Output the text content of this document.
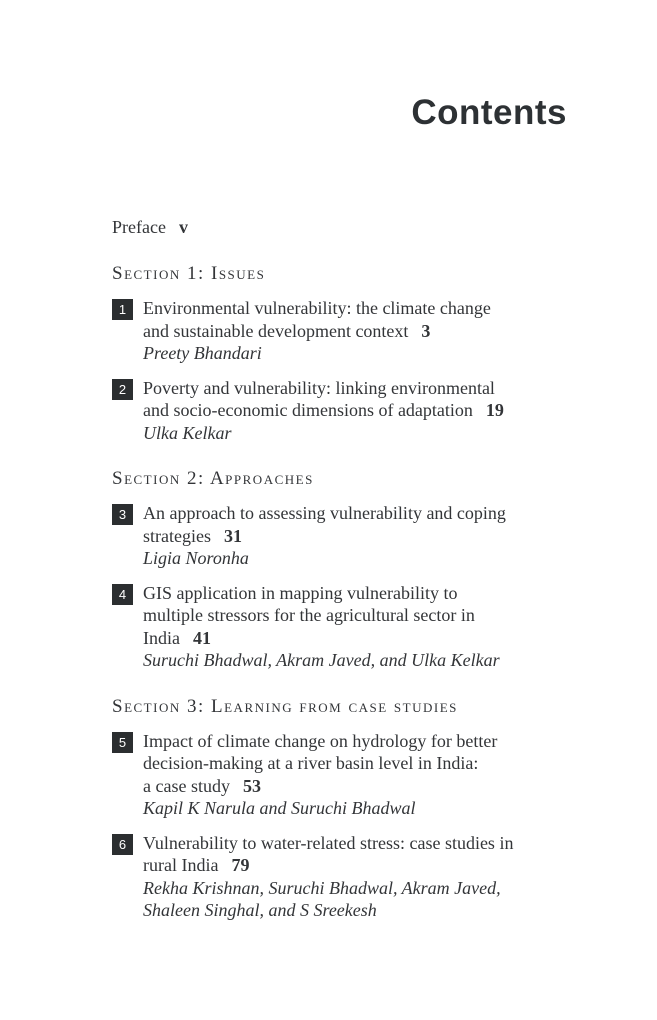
Contents
Preface v
Section 1: Issues
1 Environmental vulnerability: the climate change
and sustainable development context 3
Preety Bhandari
2 Poverty and vulnerability: linking environmental
and socio-economic dimensions of adaptation 19
Ulka Kelkar
Section 2: Approaches
3 An approach to assessing vulnerability and coping
strategies 31
Ligia Noronha
4 GIS application in mapping vulnerability to
multiple stressors for the agricultural sector in
India 41
Suruchi Bhadwal, Akram Javed, and Ulka Kelkar
Section 3: Learning from case studies
5 Impact of climate change on hydrology for better
decision-making at a river basin level in India:
a case study 53
Kapil K Narula and Suruchi Bhadwal
6 Vulnerability to water-related stress: case studies in
rural India 79
Rekha Krishnan, Suruchi Bhadwal, Akram Javed,
Shaleen Singhal, and S Sreekesh
